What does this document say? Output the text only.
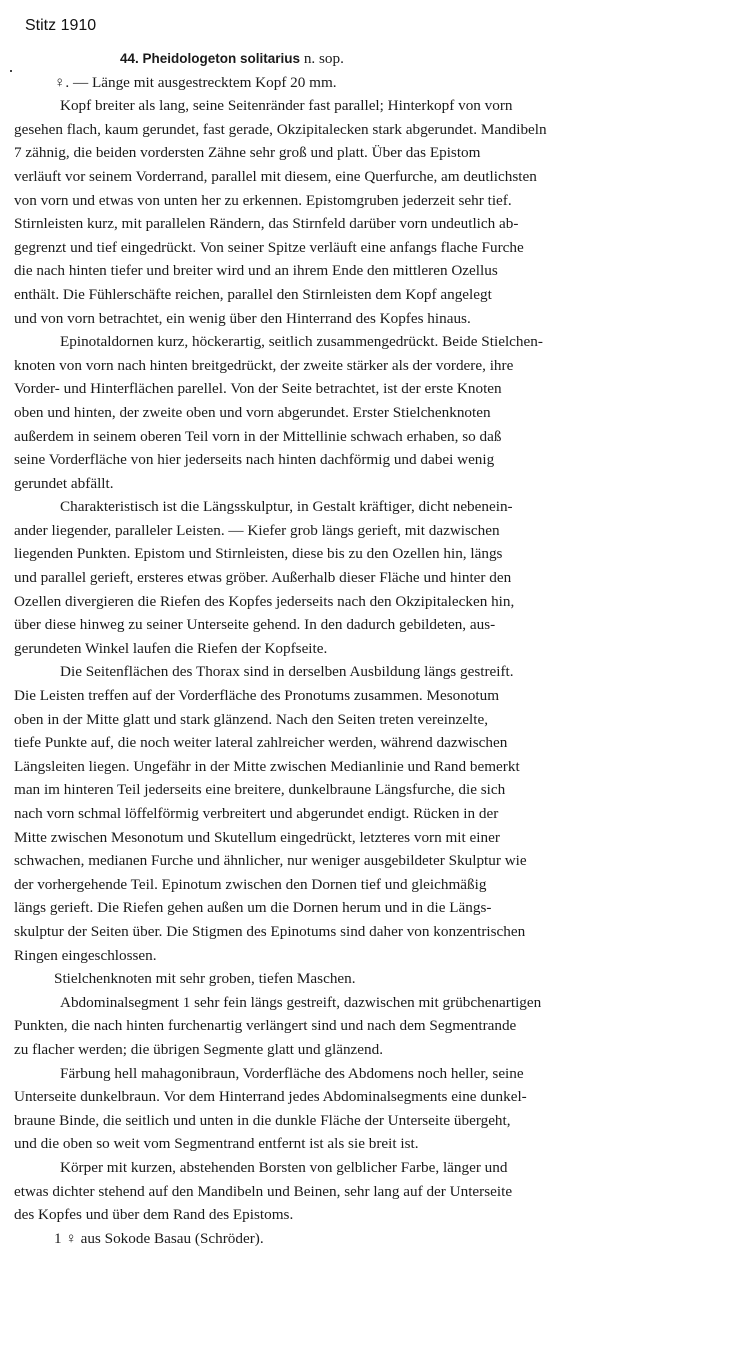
Stitz 1910
44. Pheidologeton solitarius n. sop.
♀. — Länge mit ausgestrecktem Kopf 20 mm.
Kopf breiter als lang, seine Seitenränder fast parallel; Hinterkopf von vorn
gesehen flach, kaum gerundet, fast gerade, Okzipitalecken stark abgerundet. Mandibeln
7 zähnig, die beiden vordersten Zähne sehr groß und platt. Über das Epistom
verläuft vor seinem Vorderrand, parallel mit diesem, eine Querfurche, am deutlichsten
von vorn und etwas von unten her zu erkennen. Epistomgruben jederzeit sehr tief.
Stirnleisten kurz, mit parallelen Rändern, das Stirnfeld darüber vorn undeutlich ab-
gegrenzt und tief eingedrückt. Von seiner Spitze verläuft eine anfangs flache Furche
die nach hinten tiefer und breiter wird und an ihrem Ende den mittleren Ozellus
enthält. Die Fühlerschäfte reichen, parallel den Stirnleisten dem Kopf angelegt
und von vorn betrachtet, ein wenig über den Hinterrand des Kopfes hinaus.
Epinotaldornen kurz, höckerartig, seitlich zusammengedrückt. Beide Stielchen-
knoten von vorn nach hinten breitgedrückt, der zweite stärker als der vordere, ihre
Vorder- und Hinterflächen parellel. Von der Seite betrachtet, ist der erste Knoten
oben und hinten, der zweite oben und vorn abgerundet. Erster Stielchenknoten
außerdem in seinem oberen Teil vorn in der Mittellinie schwach erhaben, so daß
seine Vorderfläche von hier jederseits nach hinten dachförmig und dabei wenig
gerundet abfällt.
Charakteristisch ist die Längsskulptur, in Gestalt kräftiger, dicht nebenein-
ander liegender, paralleler Leisten. — Kiefer grob längs gerieft, mit dazwischen
liegenden Punkten. Epistom und Stirnleisten, diese bis zu den Ozellen hin, längs
und parallel gerieft, ersteres etwas gröber. Außerhalb dieser Fläche und hinter den
Ozellen divergieren die Riefen des Kopfes jederseits nach den Okzipitalecken hin,
über diese hinweg zu seiner Unterseite gehend. In den dadurch gebildeten, aus-
gerundeten Winkel laufen die Riefen der Kopfseite.
Die Seitenflächen des Thorax sind in derselben Ausbildung längs gestreift.
Die Leisten treffen auf der Vorderfläche des Pronotums zusammen. Mesonotum
oben in der Mitte glatt und stark glänzend. Nach den Seiten treten vereinzelte,
tiefe Punkte auf, die noch weiter lateral zahlreicher werden, während dazwischen
Längsleiten liegen. Ungefähr in der Mitte zwischen Medianlinie und Rand bemerkt
man im hinteren Teil jederseits eine breitere, dunkelbraune Längsfurche, die sich
nach vorn schmal löffelförmig verbreitert und abgerundet endigt. Rücken in der
Mitte zwischen Mesonotum und Skutellum eingedrückt, letzteres vorn mit einer
schwachen, medianen Furche und ähnlicher, nur weniger ausgebildeter Skulptur wie
der vorhergehende Teil. Epinotum zwischen den Dornen tief und gleichmäßig
längs gerieft. Die Riefen gehen außen um die Dornen herum und in die Längs-
skulptur der Seiten über. Die Stigmen des Epinotums sind daher von konzentrischen
Ringen eingeschlossen.
Stielchenknoten mit sehr groben, tiefen Maschen.
Abdominalsegment 1 sehr fein längs gestreift, dazwischen mit grübchenartigen
Punkten, die nach hinten furchenartig verlängert sind und nach dem Segmentrande
zu flacher werden; die übrigen Segmente glatt und glänzend.
Färbung hell mahagonibraun, Vorderfläche des Abdomens noch heller, seine
Unterseite dunkelbraun. Vor dem Hinterrand jedes Abdominalsegments eine dunkel-
braune Binde, die seitlich und unten in die dunkle Fläche der Unterseite übergeht,
und die oben so weit vom Segmentrand entfernt ist als sie breit ist.
Körper mit kurzen, abstehenden Borsten von gelblicher Farbe, länger und
etwas dichter stehend auf den Mandibeln und Beinen, sehr lang auf der Unterseite
des Kopfes und über dem Rand des Epistoms.
1 ♀ aus Sokode Basau (Schröder).
